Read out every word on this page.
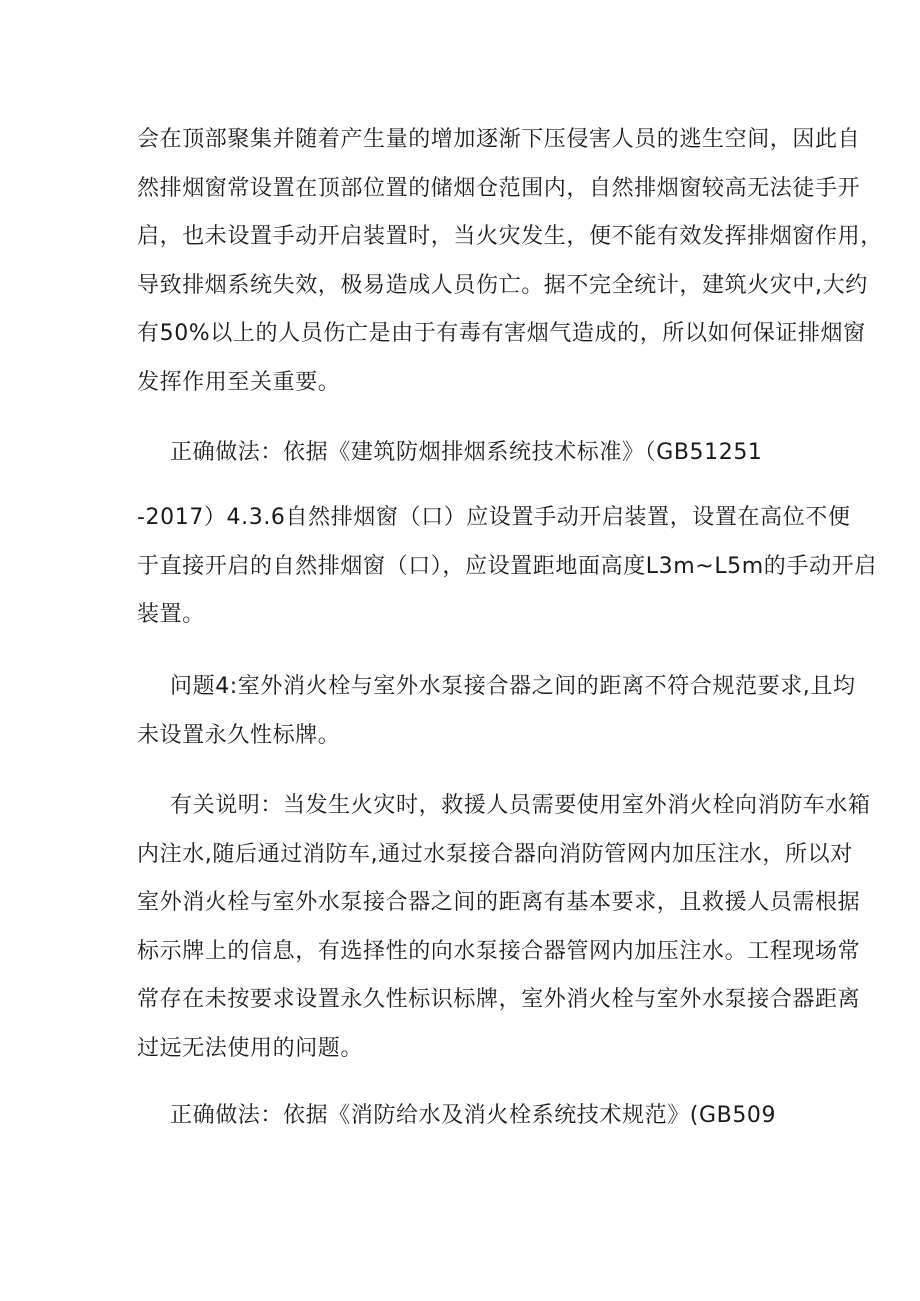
会在顶部聚集并随着产生量的增加逐渐下压侵害人员的逃生空间，因此自
然排烟窗常设置在顶部位置的储烟仓范围内，自然排烟窗较高无法徒手开
启，也未设置手动开启装置时，当火灾发生，便不能有效发挥排烟窗作用，
导致排烟系统失效，极易造成人员伤亡。据不完全统计，建筑火灾中,大约
有50%以上的人员伤亡是由于有毒有害烟气造成的，所以如何保证排烟窗
发挥作用至关重要。
正确做法：依据《建筑防烟排烟系统技术标准》（GB51251
-2017）4.3.6自然排烟窗（口）应设置手动开启装置，设置在高位不便
于直接开启的自然排烟窗（口），应设置距地面高度L3m~L5m的手动开启
装置。
问题4:室外消火栓与室外水泵接合器之间的距离不符合规范要求,且均
未设置永久性标牌。
有关说明：当发生火灾时，救援人员需要使用室外消火栓向消防车水箱
内注水,随后通过消防车,通过水泵接合器向消防管网内加压注水，所以对
室外消火栓与室外水泵接合器之间的距离有基本要求，且救援人员需根据
标示牌上的信息，有选择性的向水泵接合器管网内加压注水。工程现场常
常存在未按要求设置永久性标识标牌，室外消火栓与室外水泵接合器距离
过远无法使用的问题。
正确做法：依据《消防给水及消火栓系统技术规范》(GB509
